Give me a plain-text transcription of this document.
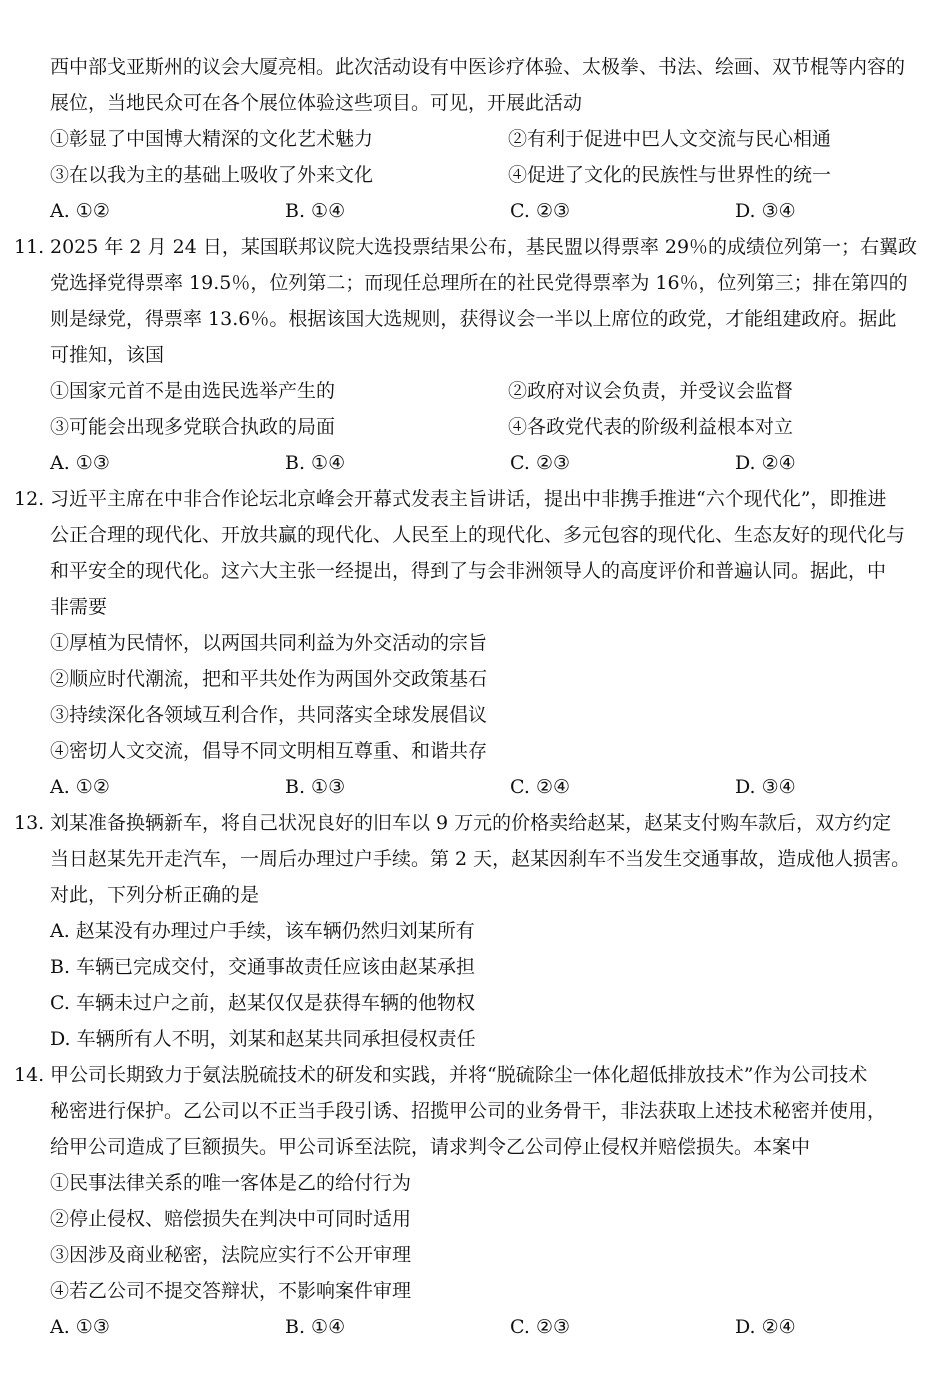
西中部戈亚斯州的议会大厦亮相。此次活动设有中医诊疗体验、太极拳、书法、绘画、双节棍等内容的
展位，当地民众可在各个展位体验这些项目。可见，开展此活动
①彰显了中国博大精深的文化艺术魅力	②有利于促进中巴人文交流与民心相通
③在以我为主的基础上吸收了外来文化	④促进了文化的民族性与世界性的统一
A. ①②	B. ①④	C. ②③	D. ③④
11. 2025 年 2 月 24 日，某国联邦议院大选投票结果公布，基民盟以得票率 29％的成绩位列第一；右翼政
党选择党得票率 19.5％，位列第二；而现任总理所在的社民党得票率为 16％，位列第三；排在第四的
则是绿党，得票率 13.6％。根据该国大选规则，获得议会一半以上席位的政党，才能组建政府。据此
可推知，该国
①国家元首不是由选民选举产生的	②政府对议会负责，并受议会监督
③可能会出现多党联合执政的局面	④各政党代表的阶级利益根本对立
A. ①③	B. ①④	C. ②③	D. ②④
12. 习近平主席在中非合作论坛北京峰会开幕式发表主旨讲话，提出中非携手推进“六个现代化”，即推进
公正合理的现代化、开放共赢的现代化、人民至上的现代化、多元包容的现代化、生态友好的现代化与
和平安全的现代化。这六大主张一经提出，得到了与会非洲领导人的高度评价和普遍认同。据此，中
非需要
①厚植为民情怀，以两国共同利益为外交活动的宗旨
②顺应时代潮流，把和平共处作为两国外交政策基石
③持续深化各领域互利合作，共同落实全球发展倡议
④密切人文交流，倡导不同文明相互尊重、和谐共存
A. ①②	B. ①③	C. ②④	D. ③④
13. 刘某准备换辆新车，将自己状况良好的旧车以 9 万元的价格卖给赵某，赵某支付购车款后，双方约定
当日赵某先开走汽车，一周后办理过户手续。第 2 天，赵某因刹车不当发生交通事故，造成他人损害。
对此，下列分析正确的是
A. 赵某没有办理过户手续，该车辆仍然归刘某所有
B. 车辆已完成交付，交通事故责任应该由赵某承担
C. 车辆未过户之前，赵某仅仅是获得车辆的他物权
D. 车辆所有人不明，刘某和赵某共同承担侵权责任
14. 甲公司长期致力于氨法脱硫技术的研发和实践，并将“脱硫除尘一体化超低排放技术”作为公司技术
秘密进行保护。乙公司以不正当手段引诱、招揽甲公司的业务骨干，非法获取上述技术秘密并使用，
给甲公司造成了巨额损失。甲公司诉至法院，请求判令乙公司停止侵权并赔偿损失。本案中
①民事法律关系的唯一客体是乙的给付行为
②停止侵权、赔偿损失在判决中可同时适用
③因涉及商业秘密，法院应实行不公开审理
④若乙公司不提交答辩状，不影响案件审理
A. ①③	B. ①④	C. ②③	D. ②④
